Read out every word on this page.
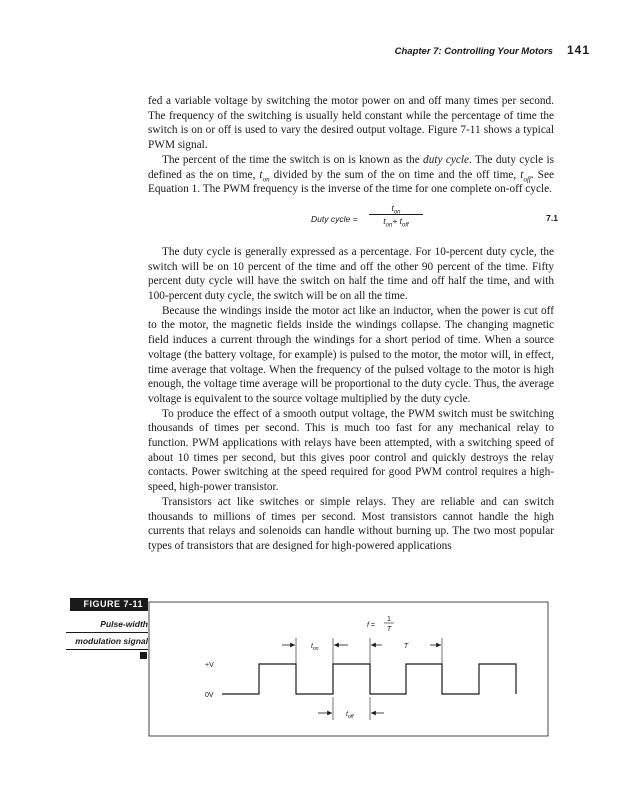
Chapter 7: Controlling Your Motors 141

fed a variable voltage by switching the motor power on and off many times per second. The frequency of the switching is usually held constant while the percentage of time the switch is on or off is used to vary the desired output voltage. Figure 7-11 shows a typical PWM signal.

The percent of the time the switch is on is known as the duty cycle. The duty cycle is defined as the on time, $t_{on}$ divided by the sum of the on time and the off time, $t_{off}$. See Equation 1. The PWM frequency is the inverse of the time for one complete on-off cycle.

Duty cycle =
$t_{on}$
$t_{on}+ t_{off}$
7.1

The duty cycle is generally expressed as a percentage. For 10-percent duty cycle, the switch will be on 10 percent of the time and off the other 90 percent of the time. Fifty percent duty cycle will have the switch on half the time and off half the time, and with 100-percent duty cycle, the switch will be on all the time.

Because the windings inside the motor act like an inductor, when the power is cut off to the motor, the magnetic fields inside the windings collapse. The changing magnetic field induces a current through the windings for a short period of time. When a source voltage (the battery voltage, for example) is pulsed to the motor, the motor will, in effect, time average that voltage. When the frequency of the pulsed voltage to the motor is high enough, the voltage time average will be proportional to the duty cycle. Thus, the average voltage is equivalent to the source voltage multiplied by the duty cycle.

To produce the effect of a smooth output voltage, the PWM switch must be switching thousands of times per second. This is much too fast for any mechanical relay to function. PWM applications with relays have been attempted, with a switching speed of about 10 times per second, but this gives poor control and quickly destroys the relay contacts. Power switching at the speed required for good PWM control requires a high-speed, high-power transistor.

Transistors act like switches or simple relays. They are reliable and can switch thousands to millions of times per second. Most transistors cannot handle the high currents that relays and solenoids can handle without burning up. The two most popular types of transistors that are designed for high-powered applications

FIGURE 7-11
Pulse-width
modulation signal
f =
1
T
$t_{on}$	T
+V
0V
$t_{off}$
